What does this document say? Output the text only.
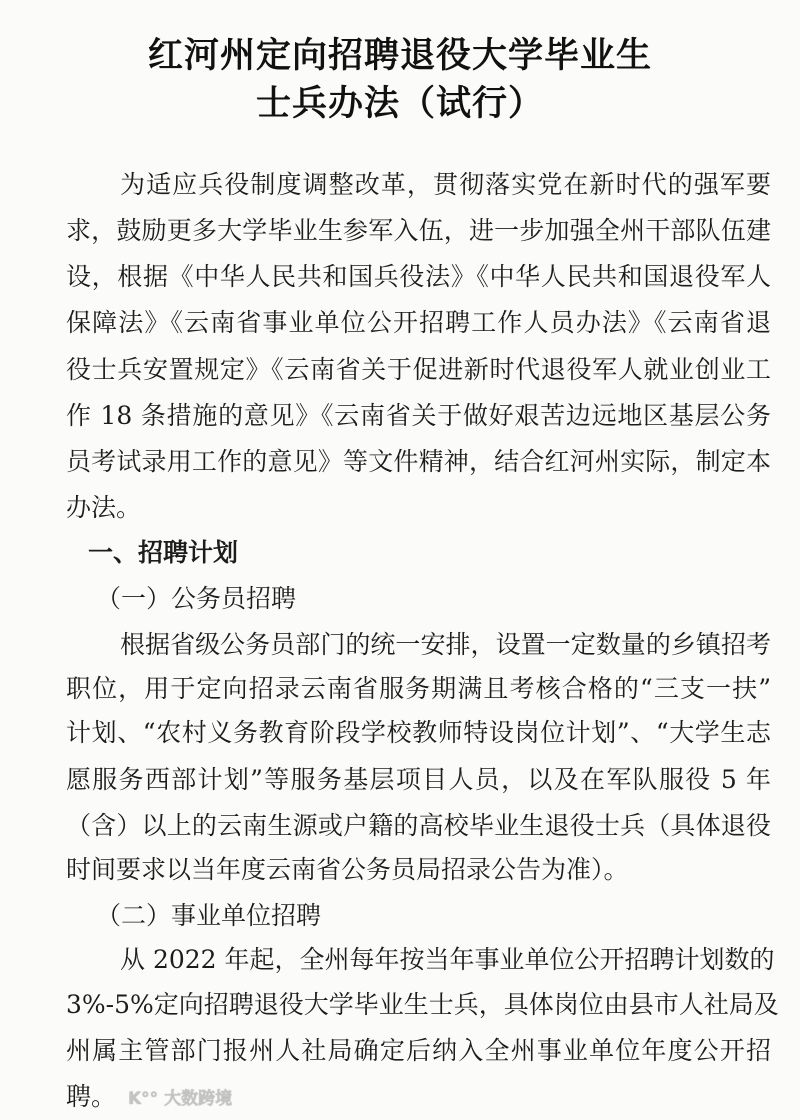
红河州定向招聘退役大学毕业生
士兵办法（试行）
为适应兵役制度调整改革，贯彻落实党在新时代的强军要
求，鼓励更多大学毕业生参军入伍，进一步加强全州干部队伍建
设，根据《中华人民共和国兵役法》《中华人民共和国退役军人
保障法》《云南省事业单位公开招聘工作人员办法》《云南省退
役士兵安置规定》《云南省关于促进新时代退役军人就业创业工
作 18 条措施的意见》《云南省关于做好艰苦边远地区基层公务
员考试录用工作的意见》等文件精神，结合红河州实际，制定本
办法。
一、招聘计划
（一）公务员招聘
根据省级公务员部门的统一安排，设置一定数量的乡镇招考
职位，用于定向招录云南省服务期满且考核合格的“三支一扶”
计划、“农村义务教育阶段学校教师特设岗位计划”、“大学生志
愿服务西部计划”等服务基层项目人员，以及在军队服役 5 年
（含）以上的云南生源或户籍的高校毕业生退役士兵（具体退役
时间要求以当年度云南省公务员局招录公告为准）。
（二）事业单位招聘
从 2022 年起，全州每年按当年事业单位公开招聘计划数的
3%-5%定向招聘退役大学毕业生士兵，具体岗位由县市人社局及
州属主管部门报州人社局确定后纳入全州事业单位年度公开招
聘。 K°° 大数跨境
